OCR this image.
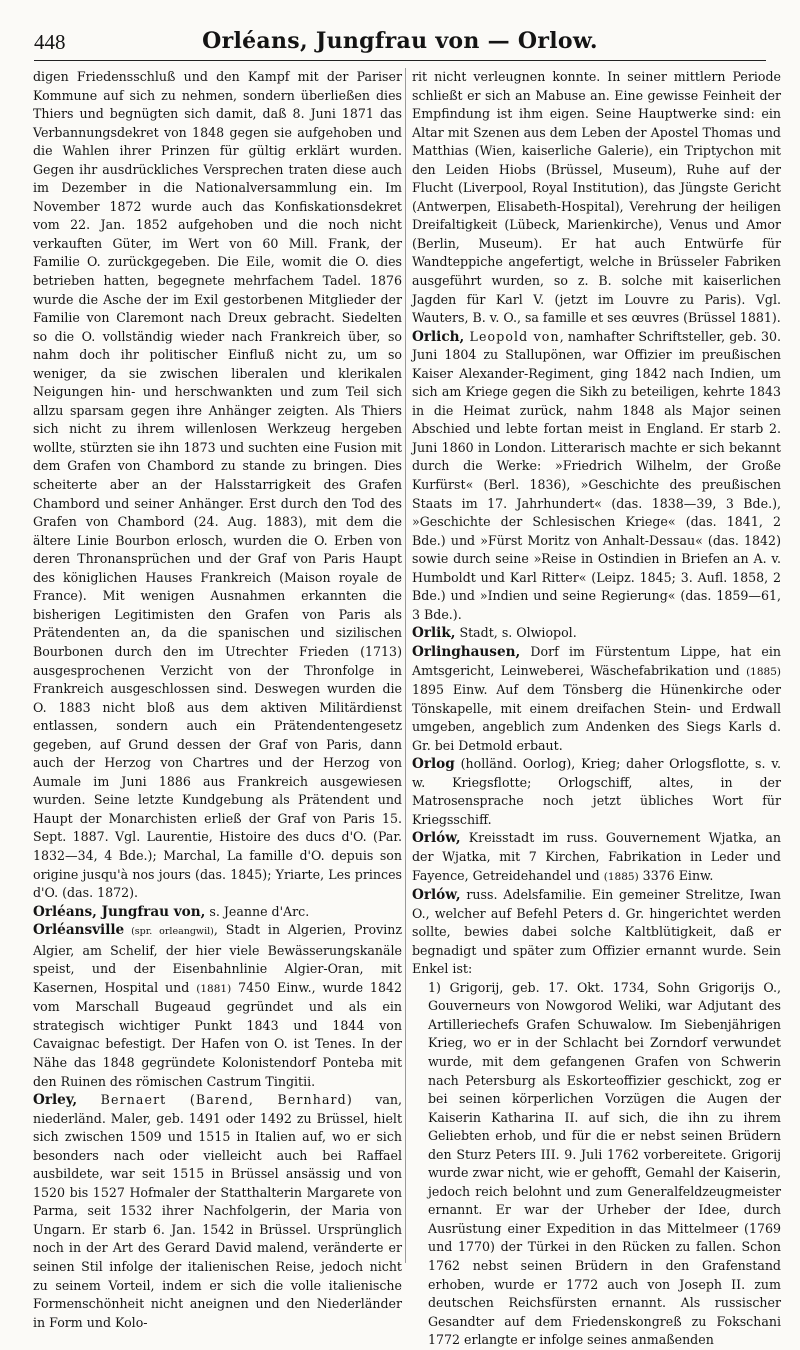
448	Orléans, Jungfrau von — Orlow.

digen Friedensschluß und den Kampf mit der Pariser Kommune auf sich zu nehmen, sondern überließen dies Thiers und begnügten sich damit, daß 8. Juni 1871 das Verbannungsdekret von 1848 gegen sie aufgehoben und die Wahlen ihrer Prinzen für gültig erklärt wurden. Gegen ihr ausdrückliches Versprechen traten diese auch im Dezember in die Nationalversammlung ein. Im November 1872 wurde auch das Konfiskationsdekret vom 22. Jan. 1852 aufgehoben und die noch nicht verkauften Güter, im Wert von 60 Mill. Frank, der Familie O. zurückgegeben. Die Eile, womit die O. dies betrieben hatten, begegnete mehrfachem Tadel. 1876 wurde die Asche der im Exil gestorbenen Mitglieder der Familie von Claremont nach Dreux gebracht. Siedelten so die O. vollständig wieder nach Frankreich über, so nahm doch ihr politischer Einfluß nicht zu, um so weniger, da sie zwischen liberalen und klerikalen Neigungen hin- und herschwankten und zum Teil sich allzu sparsam gegen ihre Anhänger zeigten. Als Thiers sich nicht zu ihrem willenlosen Werkzeug hergeben wollte, stürzten sie ihn 1873 und suchten eine Fusion mit dem Grafen von Chambord zu stande zu bringen. Dies scheiterte aber an der Halsstarrigkeit des Grafen Chambord und seiner Anhänger. Erst durch den Tod des Grafen von Chambord (24. Aug. 1883), mit dem die ältere Linie Bourbon erlosch, wurden die O. Erben von deren Thronansprüchen und der Graf von Paris Haupt des königlichen Hauses Frankreich (Maison royale de France). Mit wenigen Ausnahmen erkannten die bisherigen Legitimisten den Grafen von Paris als Prätendenten an, da die spanischen und sizilischen Bourbonen durch den im Utrechter Frieden (1713) ausgesprochenen Verzicht von der Thronfolge in Frankreich ausgeschlossen sind. Deswegen wurden die O. 1883 nicht bloß aus dem aktiven Militärdienst entlassen, sondern auch ein Prätendentengesetz gegeben, auf Grund dessen der Graf von Paris, dann auch der Herzog von Chartres und der Herzog von Aumale im Juni 1886 aus Frankreich ausgewiesen wurden. Seine letzte Kundgebung als Prätendent und Haupt der Monarchisten erließ der Graf von Paris 15. Sept. 1887. Vgl. Laurentie, Histoire des ducs d'O. (Par. 1832—34, 4 Bde.); Marchal, La famille d'O. depuis son origine jusqu'à nos jours (das. 1845); Yriarte, Les princes d'O. (das. 1872).

Orléans, Jungfrau von, s. Jeanne d'Arc.

Orléansville (spr. orleangwil), Stadt in Algerien, Provinz Algier, am Schelif, der hier viele Bewässerungskanäle speist, und der Eisenbahnlinie Algier-Oran, mit Kasernen, Hospital und (1881) 7450 Einw., wurde 1842 vom Marschall Bugeaud gegründet und als ein strategisch wichtiger Punkt 1843 und 1844 von Cavaignac befestigt. Der Hafen von O. ist Tenes. In der Nähe das 1848 gegründete Kolonistendorf Ponteba mit den Ruinen des römischen Castrum Tingitii.

Orley, Bernaert (Barend, Bernhard) van, niederländ. Maler, geb. 1491 oder 1492 zu Brüssel, hielt sich zwischen 1509 und 1515 in Italien auf, wo er sich besonders nach oder vielleicht auch bei Raffael ausbildete, war seit 1515 in Brüssel ansässig und von 1520 bis 1527 Hofmaler der Statthalterin Margarete von Parma, seit 1532 ihrer Nachfolgerin, der Maria von Ungarn. Er starb 6. Jan. 1542 in Brüssel. Ursprünglich noch in der Art des Gerard David malend, veränderte er seinen Stil infolge der italienischen Reise, jedoch nicht zu seinem Vorteil, indem er sich die volle italienische Formenschönheit nicht aneignen und den Niederländer in Form und Kolo-

rit nicht verleugnen konnte. In seiner mittlern Periode schließt er sich an Mabuse an. Eine gewisse Feinheit der Empfindung ist ihm eigen. Seine Hauptwerke sind: ein Altar mit Szenen aus dem Leben der Apostel Thomas und Matthias (Wien, kaiserliche Galerie), ein Triptychon mit den Leiden Hiobs (Brüssel, Museum), Ruhe auf der Flucht (Liverpool, Royal Institution), das Jüngste Gericht (Antwerpen, Elisabeth-Hospital), Verehrung der heiligen Dreifaltigkeit (Lübeck, Marienkirche), Venus und Amor (Berlin, Museum). Er hat auch Entwürfe für Wandteppiche angefertigt, welche in Brüsseler Fabriken ausgeführt wurden, so z. B. solche mit kaiserlichen Jagden für Karl V. (jetzt im Louvre zu Paris). Vgl. Wauters, B. v. O., sa famille et ses œuvres (Brüssel 1881).

Orlich, Leopold von, namhafter Schriftsteller, geb. 30. Juni 1804 zu Stallupönen, war Offizier im preußischen Kaiser Alexander-Regiment, ging 1842 nach Indien, um sich am Kriege gegen die Sikh zu beteiligen, kehrte 1843 in die Heimat zurück, nahm 1848 als Major seinen Abschied und lebte fortan meist in England. Er starb 2. Juni 1860 in London. Litterarisch machte er sich bekannt durch die Werke: »Friedrich Wilhelm, der Große Kurfürst« (Berl. 1836), »Geschichte des preußischen Staats im 17. Jahrhundert« (das. 1838—39, 3 Bde.), »Geschichte der Schlesischen Kriege« (das. 1841, 2 Bde.) und »Fürst Moritz von Anhalt-Dessau« (das. 1842) sowie durch seine »Reise in Ostindien in Briefen an A. v. Humboldt und Karl Ritter« (Leipz. 1845; 3. Aufl. 1858, 2 Bde.) und »Indien und seine Regierung« (das. 1859—61, 3 Bde.).

Orlik, Stadt, s. Olwiopol.

Orlinghausen, Dorf im Fürstentum Lippe, hat ein Amtsgericht, Leinweberei, Wäschefabrikation und (1885) 1895 Einw. Auf dem Tönsberg die Hünenkirche oder Tönskapelle, mit einem dreifachen Stein- und Erdwall umgeben, angeblich zum Andenken des Siegs Karls d. Gr. bei Detmold erbaut.

Orlog (holländ. Oorlog), Krieg; daher Orlogsflotte, s. v. w. Kriegsflotte; Orlogschiff, altes, in der Matrosensprache noch jetzt übliches Wort für Kriegsschiff.

Orlów, Kreisstadt im russ. Gouvernement Wjatka, an der Wjatka, mit 7 Kirchen, Fabrikation in Leder und Fayence, Getreidehandel und (1885) 3376 Einw.

Orlów, russ. Adelsfamilie. Ein gemeiner Strelitze, Iwan O., welcher auf Befehl Peters d. Gr. hingerichtet werden sollte, bewies dabei solche Kaltblütigkeit, daß er begnadigt und später zum Offizier ernannt wurde. Sein Enkel ist:

1) Grigorij, geb. 17. Okt. 1734, Sohn Grigorijs O., Gouverneurs von Nowgorod Weliki, war Adjutant des Artilleriechefs Grafen Schuwalow. Im Siebenjährigen Krieg, wo er in der Schlacht bei Zorndorf verwundet wurde, mit dem gefangenen Grafen von Schwerin nach Petersburg als Eskorteoffizier geschickt, zog er bei seinen körperlichen Vorzügen die Augen der Kaiserin Katharina II. auf sich, die ihn zu ihrem Geliebten erhob, und für die er nebst seinen Brüdern den Sturz Peters III. 9. Juli 1762 vorbereitete. Grigorij wurde zwar nicht, wie er gehofft, Gemahl der Kaiserin, jedoch reich belohnt und zum Generalfeldzeugmeister ernannt. Er war der Urheber der Idee, durch Ausrüstung einer Expedition in das Mittelmeer (1769 und 1770) der Türkei in den Rücken zu fallen. Schon 1762 nebst seinen Brüdern in den Grafenstand erhoben, wurde er 1772 auch von Joseph II. zum deutschen Reichsfürsten ernannt. Als russischer Gesandter auf dem Friedenskongreß zu Fokschani 1772 erlangte er infolge seines anmaßenden
